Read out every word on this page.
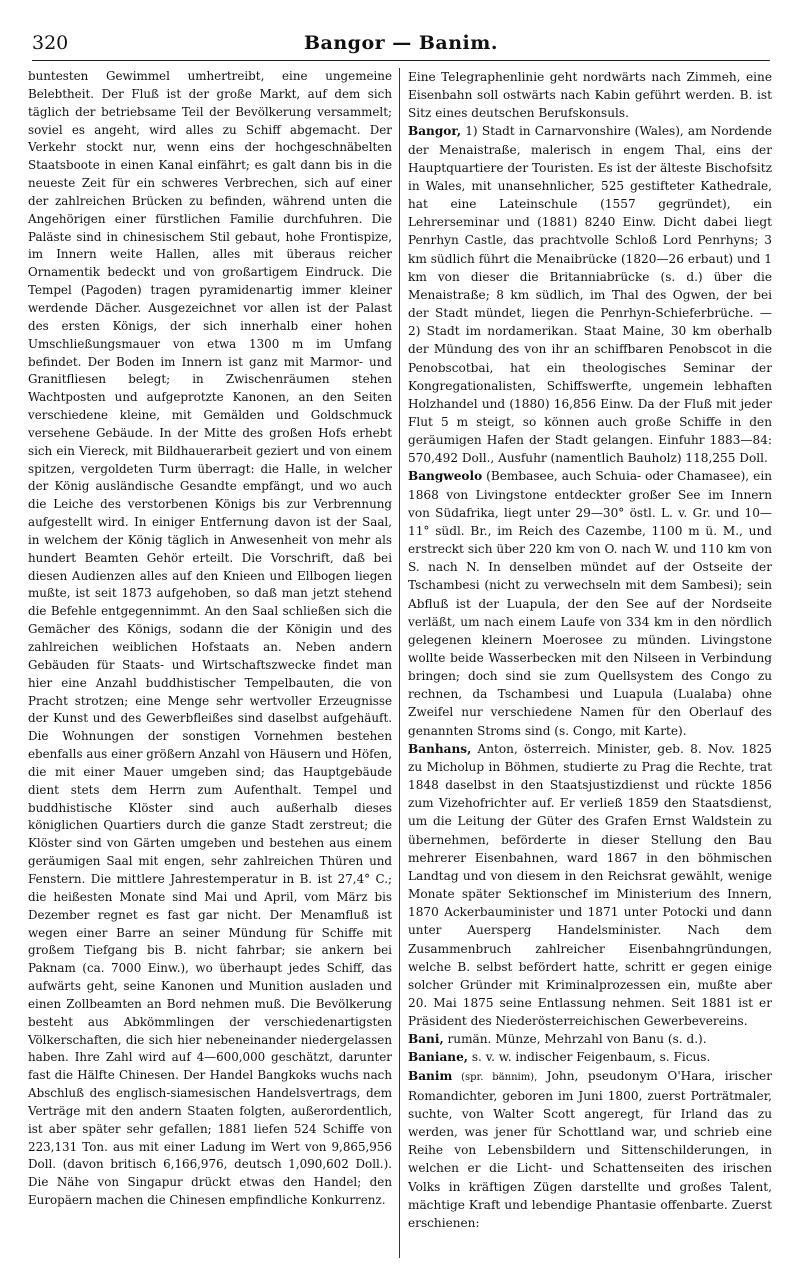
320	Bangor — Banim.

buntesten Gewimmel umhertreibt, eine ungemeine Belebtheit. Der Fluß ist der große Markt, auf dem sich täglich der betriebsame Teil der Bevölkerung versammelt; soviel es angeht, wird alles zu Schiff abgemacht. Der Verkehr stockt nur, wenn eins der hochgeschnäbelten Staatsboote in einen Kanal einfährt; es galt dann bis in die neueste Zeit für ein schweres Verbrechen, sich auf einer der zahlreichen Brücken zu befinden, während unten die Angehörigen einer fürstlichen Familie durchfuhren. Die Paläste sind in chinesischem Stil gebaut, hohe Frontispize, im Innern weite Hallen, alles mit überaus reicher Ornamentik bedeckt und von großartigem Eindruck. Die Tempel (Pagoden) tragen pyramidenartig immer kleiner werdende Dächer. Ausgezeichnet vor allen ist der Palast des ersten Königs, der sich innerhalb einer hohen Umschließungsmauer von etwa 1300 m im Umfang befindet. Der Boden im Innern ist ganz mit Marmor- und Granitfliesen belegt; in Zwischenräumen stehen Wachtposten und aufgeprotzte Kanonen, an den Seiten verschiedene kleine, mit Gemälden und Goldschmuck versehene Gebäude. In der Mitte des großen Hofs erhebt sich ein Viereck, mit Bildhauerarbeit geziert und von einem spitzen, vergoldeten Turm überragt: die Halle, in welcher der König ausländische Gesandte empfängt, und wo auch die Leiche des verstorbenen Königs bis zur Verbrennung aufgestellt wird. In einiger Entfernung davon ist der Saal, in welchem der König täglich in Anwesenheit von mehr als hundert Beamten Gehör erteilt. Die Vorschrift, daß bei diesen Audienzen alles auf den Knieen und Ellbogen liegen mußte, ist seit 1873 aufgehoben, so daß man jetzt stehend die Befehle entgegennimmt. An den Saal schließen sich die Gemächer des Königs, sodann die der Königin und des zahlreichen weiblichen Hofstaats an. Neben andern Gebäuden für Staats- und Wirtschaftszwecke findet man hier eine Anzahl buddhistischer Tempelbauten, die von Pracht strotzen; eine Menge sehr wertvoller Erzeugnisse der Kunst und des Gewerbfleißes sind daselbst aufgehäuft. Die Wohnungen der sonstigen Vornehmen bestehen ebenfalls aus einer größern Anzahl von Häusern und Höfen, die mit einer Mauer umgeben sind; das Hauptgebäude dient stets dem Herrn zum Aufenthalt. Tempel und buddhistische Klöster sind auch außerhalb dieses königlichen Quartiers durch die ganze Stadt zerstreut; die Klöster sind von Gärten umgeben und bestehen aus einem geräumigen Saal mit engen, sehr zahlreichen Thüren und Fenstern. Die mittlere Jahrestemperatur in B. ist 27,4° C.; die heißesten Monate sind Mai und April, vom März bis Dezember regnet es fast gar nicht. Der Menamfluß ist wegen einer Barre an seiner Mündung für Schiffe mit großem Tiefgang bis B. nicht fahrbar; sie ankern bei Paknam (ca. 7000 Einw.), wo überhaupt jedes Schiff, das aufwärts geht, seine Kanonen und Munition ausladen und einen Zollbeamten an Bord nehmen muß. Die Bevölkerung besteht aus Abkömmlingen der verschiedenartigsten Völkerschaften, die sich hier nebeneinander niedergelassen haben. Ihre Zahl wird auf 4—600,000 geschätzt, darunter fast die Hälfte Chinesen. Der Handel Bangkoks wuchs nach Abschluß des englisch-siamesischen Handelsvertrags, dem Verträge mit den andern Staaten folgten, außerordentlich, ist aber später sehr gefallen; 1881 liefen 524 Schiffe von 223,131 Ton. aus mit einer Ladung im Wert von 9,865,956 Doll. (davon britisch 6,166,976, deutsch 1,090,602 Doll.). Die Nähe von Singapur drückt etwas den Handel; den Europäern machen die Chinesen empfindliche Konkurrenz.

Eine Telegraphenlinie geht nordwärts nach Zimmeh, eine Eisenbahn soll ostwärts nach Kabin geführt werden. B. ist Sitz eines deutschen Berufskonsuls.

Bangor, 1) Stadt in Carnarvonshire (Wales), am Nordende der Menaistraße, malerisch in engem Thal, eins der Hauptquartiere der Touristen. Es ist der älteste Bischofsitz in Wales, mit unansehnlicher, 525 gestifteter Kathedrale, hat eine Lateinschule (1557 gegründet), ein Lehrerseminar und (1881) 8240 Einw. Dicht dabei liegt Penrhyn Castle, das prachtvolle Schloß Lord Penrhyns; 3 km südlich führt die Menaibrücke (1820—26 erbaut) und 1 km von dieser die Britanniabrücke (s. d.) über die Menaistraße; 8 km südlich, im Thal des Ogwen, der bei der Stadt mündet, liegen die Penrhyn-Schieferbrüche. — 2) Stadt im nordamerikan. Staat Maine, 30 km oberhalb der Mündung des von ihr an schiffbaren Penobscot in die Penobscotbai, hat ein theologisches Seminar der Kongregationalisten, Schiffswerfte, ungemein lebhaften Holzhandel und (1880) 16,856 Einw. Da der Fluß mit jeder Flut 5 m steigt, so können auch große Schiffe in den geräumigen Hafen der Stadt gelangen. Einfuhr 1883—84: 570,492 Doll., Ausfuhr (namentlich Bauholz) 118,255 Doll.

Bangweolo (Bembasee, auch Schuia- oder Chamasee), ein 1868 von Livingstone entdeckter großer See im Innern von Südafrika, liegt unter 29—30° östl. L. v. Gr. und 10—11° südl. Br., im Reich des Cazembe, 1100 m ü. M., und erstreckt sich über 220 km von O. nach W. und 110 km von S. nach N. In denselben mündet auf der Ostseite der Tschambesi (nicht zu verwechseln mit dem Sambesi); sein Abfluß ist der Luapula, der den See auf der Nordseite verläßt, um nach einem Laufe von 334 km in den nördlich gelegenen kleinern Moerosee zu münden. Livingstone wollte beide Wasserbecken mit den Nilseen in Verbindung bringen; doch sind sie zum Quellsystem des Congo zu rechnen, da Tschambesi und Luapula (Lualaba) ohne Zweifel nur verschiedene Namen für den Oberlauf des genannten Stroms sind (s. Congo, mit Karte).

Banhans, Anton, österreich. Minister, geb. 8. Nov. 1825 zu Micholup in Böhmen, studierte zu Prag die Rechte, trat 1848 daselbst in den Staatsjustizdienst und rückte 1856 zum Vizehofrichter auf. Er verließ 1859 den Staatsdienst, um die Leitung der Güter des Grafen Ernst Waldstein zu übernehmen, beförderte in dieser Stellung den Bau mehrerer Eisenbahnen, ward 1867 in den böhmischen Landtag und von diesem in den Reichsrat gewählt, wenige Monate später Sektionschef im Ministerium des Innern, 1870 Ackerbauminister und 1871 unter Potocki und dann unter Auersperg Handelsminister. Nach dem Zusammenbruch zahlreicher Eisenbahngründungen, welche B. selbst befördert hatte, schritt er gegen einige solcher Gründer mit Kriminalprozessen ein, mußte aber 20. Mai 1875 seine Entlassung nehmen. Seit 1881 ist er Präsident des Niederösterreichischen Gewerbevereins.

Bani, rumän. Münze, Mehrzahl von Banu (s. d.).

Baniane, s. v. w. indischer Feigenbaum, s. Ficus.

Banim (spr. bännim), John, pseudonym O'Hara, irischer Romandichter, geboren im Juni 1800, zuerst Porträtmaler, suchte, von Walter Scott angeregt, für Irland das zu werden, was jener für Schottland war, und schrieb eine Reihe von Lebensbildern und Sittenschilderungen, in welchen er die Licht- und Schattenseiten des irischen Volks in kräftigen Zügen darstellte und großes Talent, mächtige Kraft und lebendige Phantasie offenbarte. Zuerst erschienen:
